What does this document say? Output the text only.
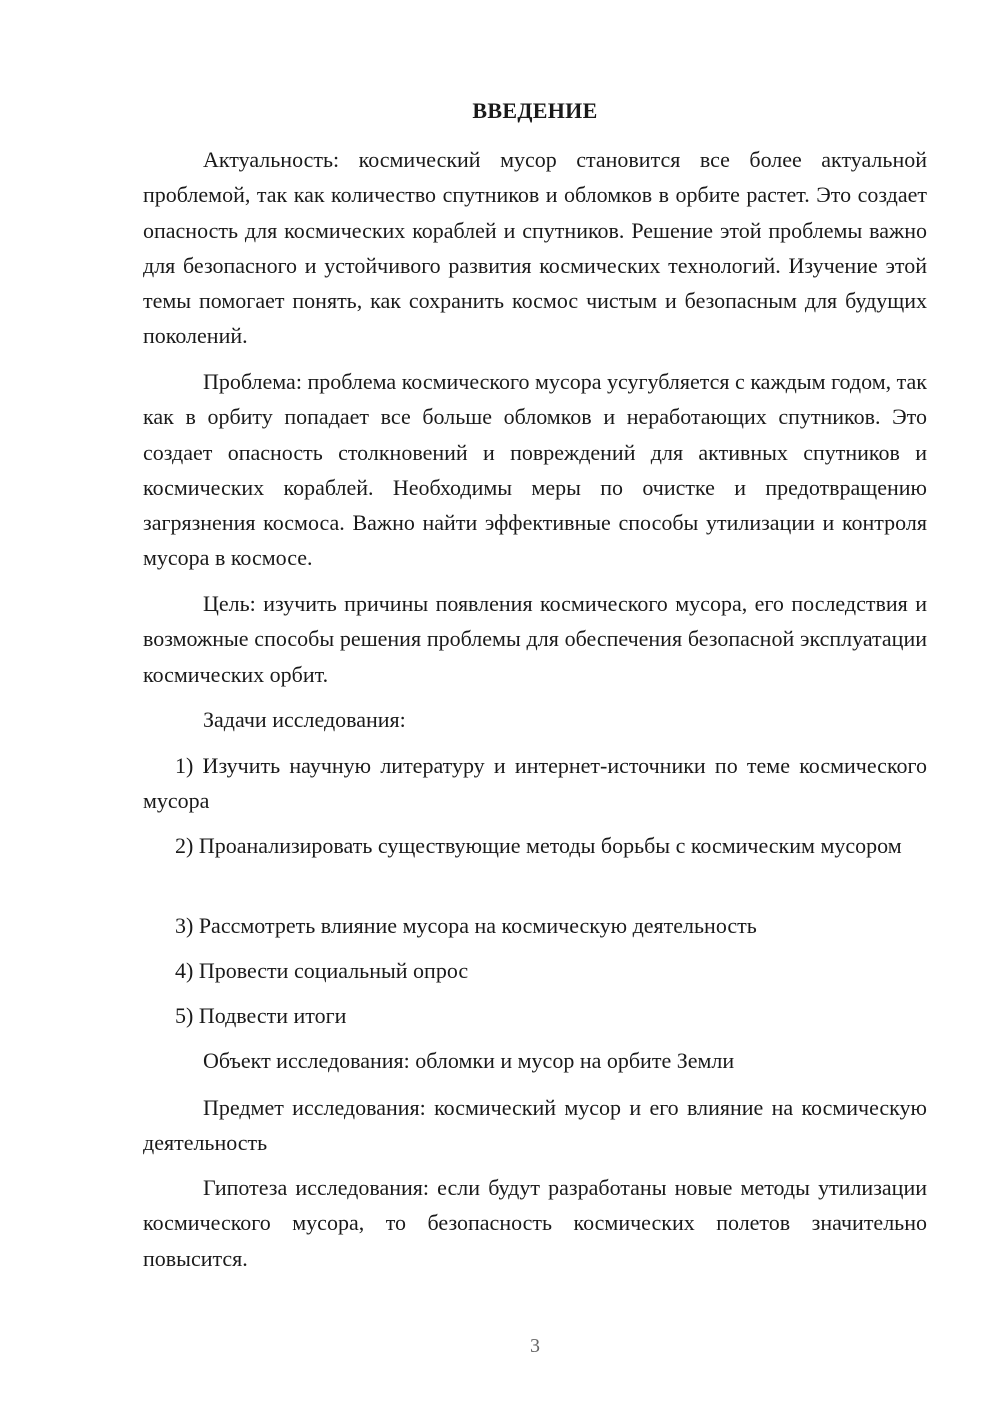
ВВЕДЕНИЕ

Актуальность: космический мусор становится все более актуальной проблемой, так как количество спутников и обломков в орбите растет. Это создает опасность для космических кораблей и спутников. Решение этой проблемы важно для безопасного и устойчивого развития космических технологий. Изучение этой темы помогает понять, как сохранить космос чистым и безопасным для будущих поколений.

Проблема: проблема космического мусора усугубляется с каждым годом, так как в орбиту попадает все больше обломков и неработающих спутников. Это создает опасность столкновений и повреждений для активных спутников и космических кораблей. Необходимы меры по очистке и предотвращению загрязнения космоса. Важно найти эффективные способы утилизации и контроля мусора в космосе.

Цель: изучить причины появления космического мусора, его последствия и возможные способы решения проблемы для обеспечения безопасной эксплуатации космических орбит.

Задачи исследования:

1) Изучить научную литературу и интернет-источники по теме космического мусора

2) Проанализировать существующие методы борьбы с космическим мусором

3) Рассмотреть влияние мусора на космическую деятельность

4) Провести социальный опрос

5) Подвести итоги

Объект исследования: обломки и мусор на орбите Земли

Предмет исследования: космический мусор и его влияние на космическую деятельность

Гипотеза исследования: если будут разработаны новые методы утилизации космического мусора, то безопасность космических полетов значительно повысится.

3
